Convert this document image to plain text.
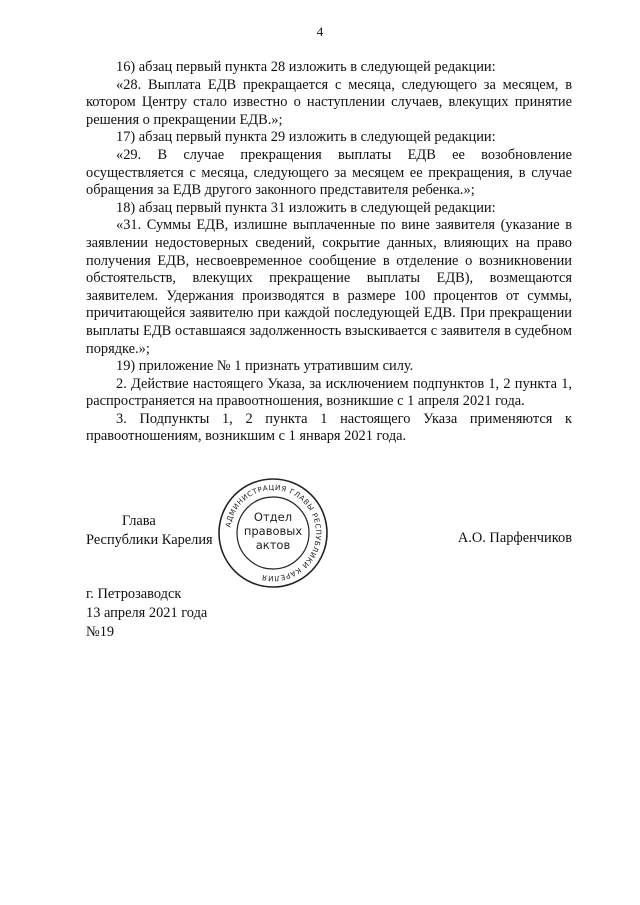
4

16) абзац первый пункта 28 изложить в следующей редакции:

«28. Выплата ЕДВ прекращается с месяца, следующего за месяцем, в котором Центру стало известно о наступлении случаев, влекущих принятие решения о прекращении ЕДВ.»;

17) абзац первый пункта 29 изложить в следующей редакции:

«29. В случае прекращения выплаты ЕДВ ее возобновление осуществляется с месяца, следующего за месяцем ее прекращения, в случае обращения за ЕДВ другого законного представителя ребенка.»;

18) абзац первый пункта 31 изложить в следующей редакции:

«31. Суммы ЕДВ, излишне выплаченные по вине заявителя (указание в заявлении недостоверных сведений, сокрытие данных, влияющих на право получения ЕДВ, несвоевременное сообщение в отделение о возникновении обстоятельств, влекущих прекращение выплаты ЕДВ), возмещаются заявителем. Удержания производятся в размере 100 процентов от суммы, причитающейся заявителю при каждой последующей ЕДВ. При прекращении выплаты ЕДВ оставшаяся задолженность взыскивается с заявителя в судебном порядке.»;

19) приложение № 1 признать утратившим силу.

2. Действие настоящего Указа, за исключением подпунктов 1, 2 пункта 1, распространяется на правоотношения, возникшие с 1 апреля 2021 года.

3. Подпункты 1, 2 пункта 1 настоящего Указа применяются к правоотношениям, возникшим с 1 января 2021 года.

Глава
Республики Карелия
АДМИНИСТРАЦИЯ ГЛАВЫ РЕСПУБЛИКИ КАРЕЛИЯ
Отдел
правовых
актов	А.О. Парфенчиков
г. Петрозаводск
13 апреля 2021 года
№19
